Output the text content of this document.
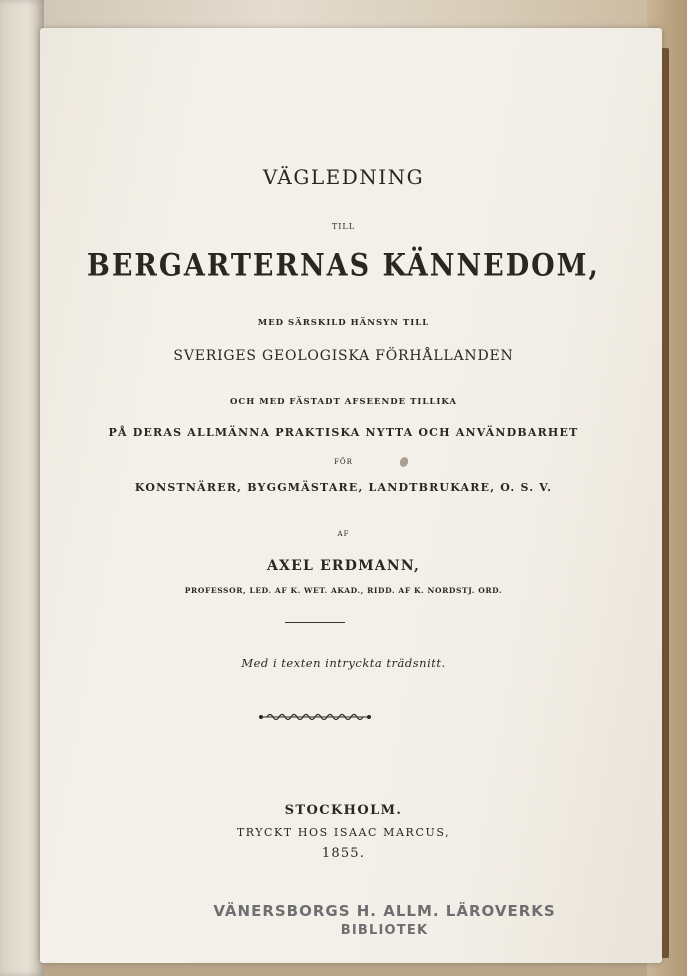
VÄGLEDNING
TILL
BERGARTERNAS KÄNNEDOM,
MED SÄRSKILD HÄNSYN TILL
SVERIGES GEOLOGISKA FÖRHÅLLANDEN
OCH MED FÄSTADT AFSEENDE TILLIKA
PÅ DERAS ALLMÄNNA PRAKTISKA NYTTA OCH ANVÄNDBARHET
FÖR
KONSTNÄRER, BYGGMÄSTARE, LANDTBRUKARE, O. S. V.
AF
AXEL ERDMANN,
PROFESSOR, LED. AF K. WET. AKAD., RIDD. AF K. NORDSTJ. ORD.
Med i texten intryckta trädsnitt.
STOCKHOLM.
TRYCKT HOS ISAAC MARCUS,
1855.
VÄNERSBORGS H. ALLM. LÄROVERKS
BIBLIOTEK
